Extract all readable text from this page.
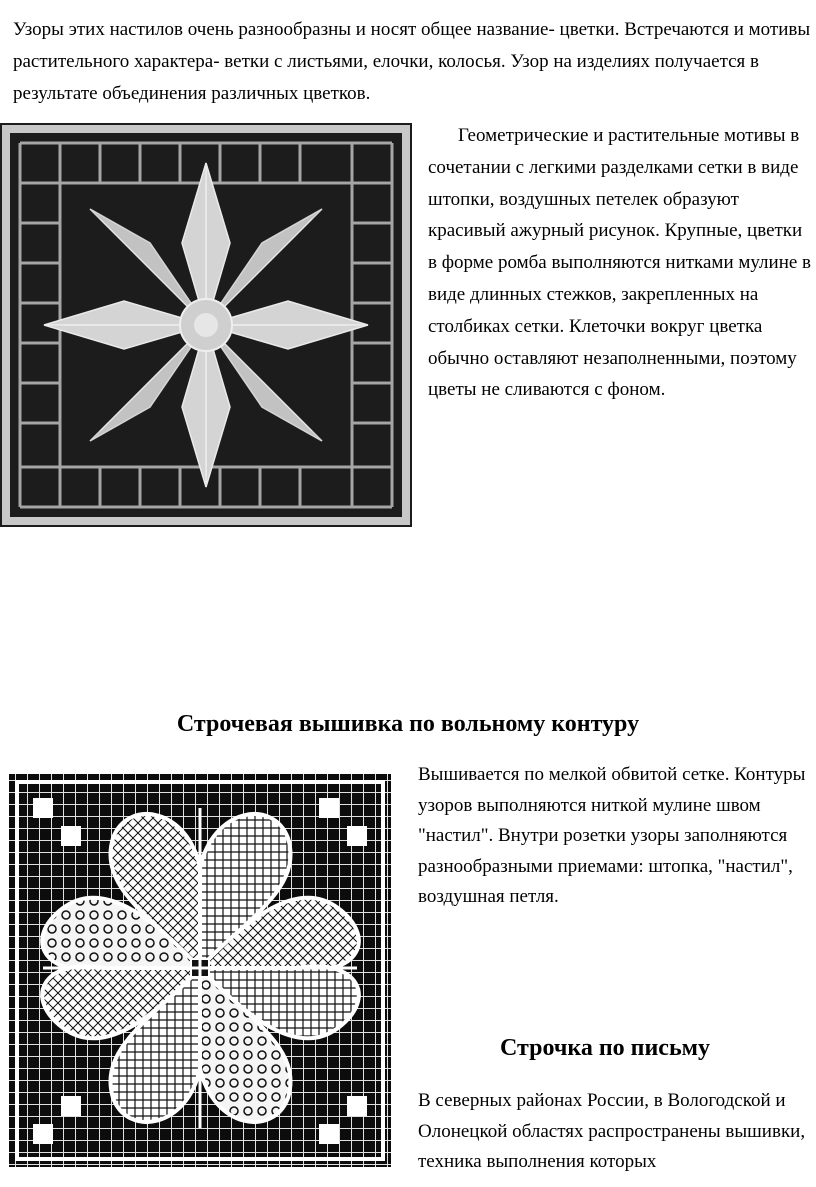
Узоры этих настилов очень разнообразны и носят общее название- цветки. Встречаются и мотивы растительного характера- ветки с листьями, елочки, колосья. Узор на изделиях получается в результате объединения различных цветков.

Геометрические и растительные мотивы в сочетании с легкими разделками сетки в виде штопки, воздушных петелек образуют красивый ажурный рисунок. Крупные, цветки в форме ромба выполняются нитками мулине в виде длинных стежков, закрепленных на столбиках сетки. Клеточки вокруг цветка обычно оставляют незаполненными, поэтому цветы не сливаются с фоном.

Строчевая вышивка по вольному контуру

Вышивается по мелкой обвитой сетке. Контуры узоров выполняются ниткой мулине швом "настил". Внутри розетки узоры заполняются разнообразными приемами: штопка, "настил", воздушная петля.

Строчка по письму

В северных районах России, в Вологодской и Олонецкой областях распространены вышивки, техника выполнения которых
